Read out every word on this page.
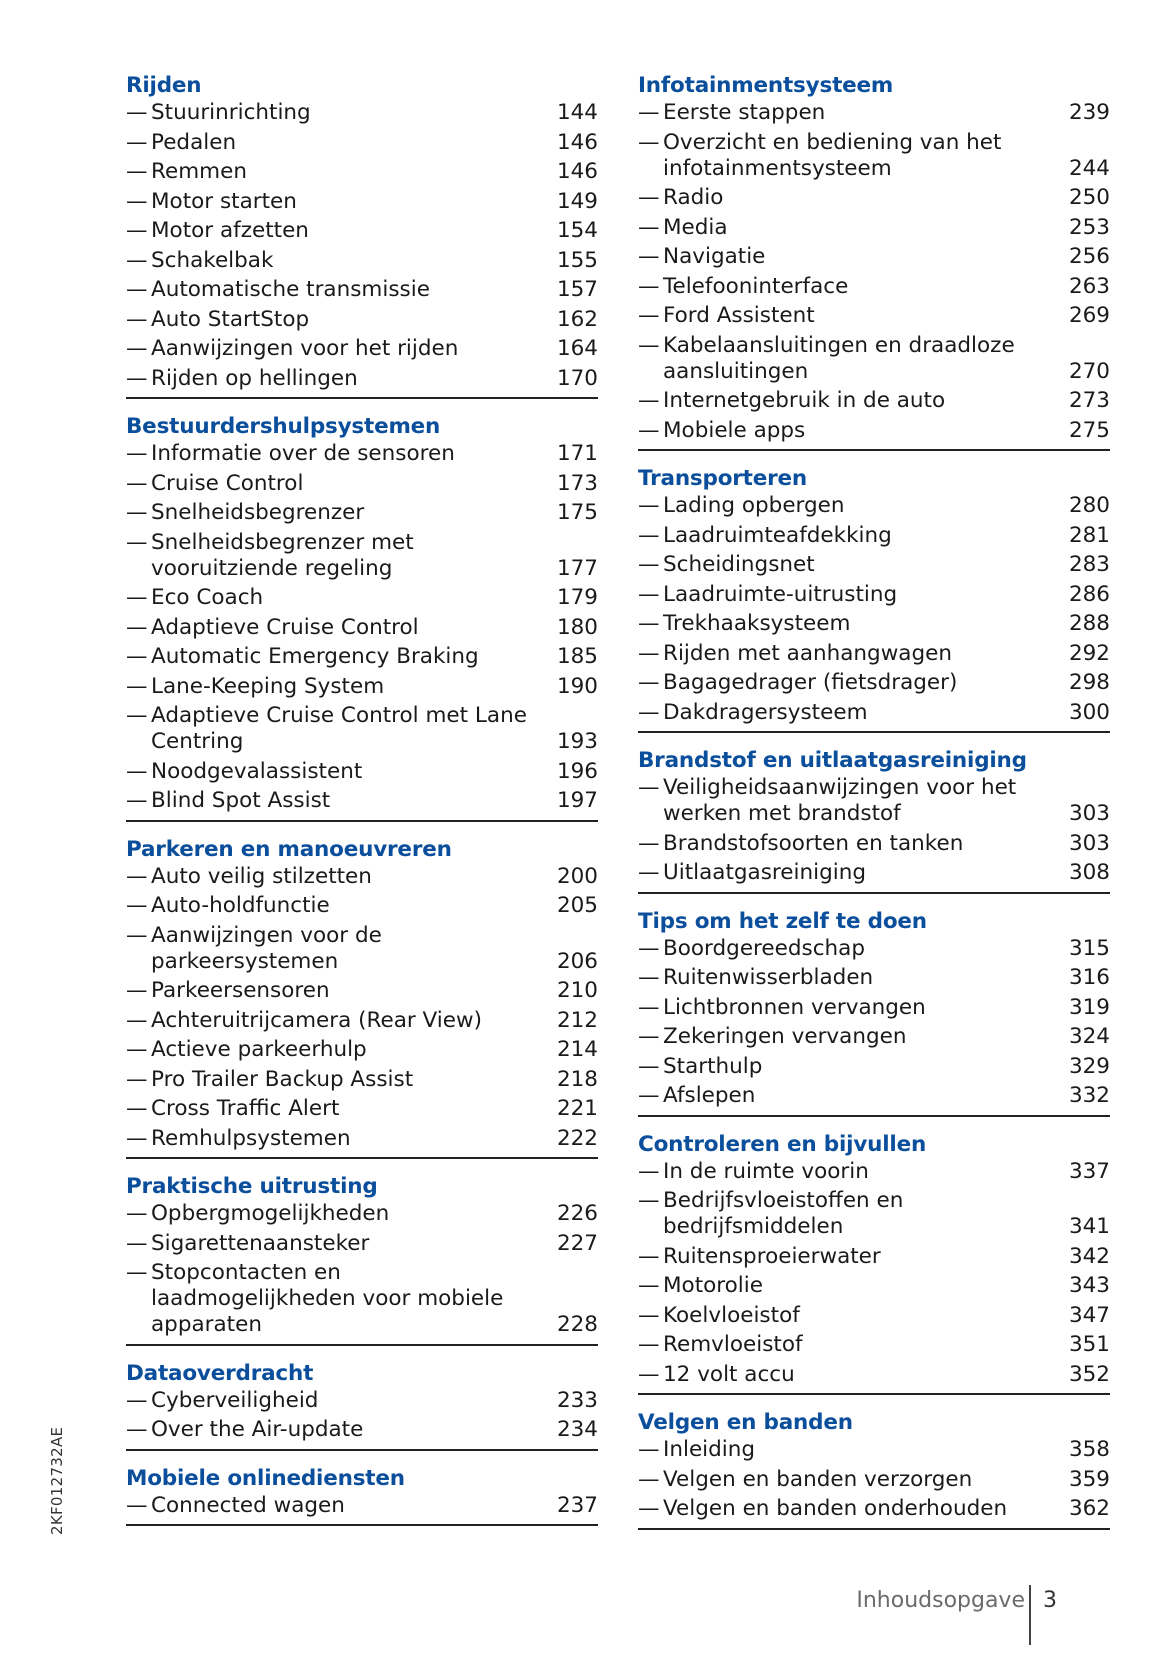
Rijden
— Stuurinrichting	144
— Pedalen	146
— Remmen	146
— Motor starten	149
— Motor afzetten	154
— Schakelbak	155
— Automatische transmissie	157
— Auto StartStop	162
— Aanwijzingen voor het rijden	164
— Rijden op hellingen	170
Bestuurdershulpsystemen
— Informatie over de sensoren	171
— Cruise Control	173
— Snelheidsbegrenzer	175
— Snelheidsbegrenzer met vooruitziende regeling	177
— Eco Coach	179
— Adaptieve Cruise Control	180
— Automatic Emergency Braking	185
— Lane-Keeping System	190
— Adaptieve Cruise Control met Lane Centring	193
— Noodgevalassistent	196
— Blind Spot Assist	197
Parkeren en manoeuvreren
— Auto veilig stilzetten	200
— Auto-holdfunctie	205
— Aanwijzingen voor de parkeersystemen	206
— Parkeersensoren	210
— Achteruitrijcamera (Rear View)	212
— Actieve parkeerhulp	214
— Pro Trailer Backup Assist	218
— Cross Traffic Alert	221
— Remhulpsystemen	222
Praktische uitrusting
— Opbergmogelijkheden	226
— Sigarettenaansteker	227
— Stopcontacten en laadmogelijkheden voor mobiele apparaten	228
Dataoverdracht
— Cyberveiligheid	233
— Over the Air-update	234
Mobiele onlinediensten
— Connected wagen	237
Infotainmentsysteem
— Eerste stappen	239
— Overzicht en bediening van het infotainmentsysteem	244
— Radio	250
— Media	253
— Navigatie	256
— Telefooninterface	263
— Ford Assistent	269
— Kabelaansluitingen en draadloze aansluitingen	270
— Internetgebruik in de auto	273
— Mobiele apps	275
Transporteren
— Lading opbergen	280
— Laadruimteafdekking	281
— Scheidingsnet	283
— Laadruimte-uitrusting	286
— Trekhaaksysteem	288
— Rijden met aanhangwagen	292
— Bagagedrager (fietsdrager)	298
— Dakdragersysteem	300
Brandstof en uitlaatgasreiniging
— Veiligheidsaanwijzingen voor het werken met brandstof	303
— Brandstofsoorten en tanken	303
— Uitlaatgasreiniging	308
Tips om het zelf te doen
— Boordgereedschap	315
— Ruitenwisserbladen	316
— Lichtbronnen vervangen	319
— Zekeringen vervangen	324
— Starthulp	329
— Afslepen	332
Controleren en bijvullen
— In de ruimte voorin	337
— Bedrijfsvloeistoffen en bedrijfsmiddelen	341
— Ruitensproeierwater	342
— Motorolie	343
— Koelvloeistof	347
— Remvloeistof	351
— 12 volt accu	352
Velgen en banden
— Inleiding	358
— Velgen en banden verzorgen	359
— Velgen en banden onderhouden	362
2KF012732AE
Inhoudsopgave 3
